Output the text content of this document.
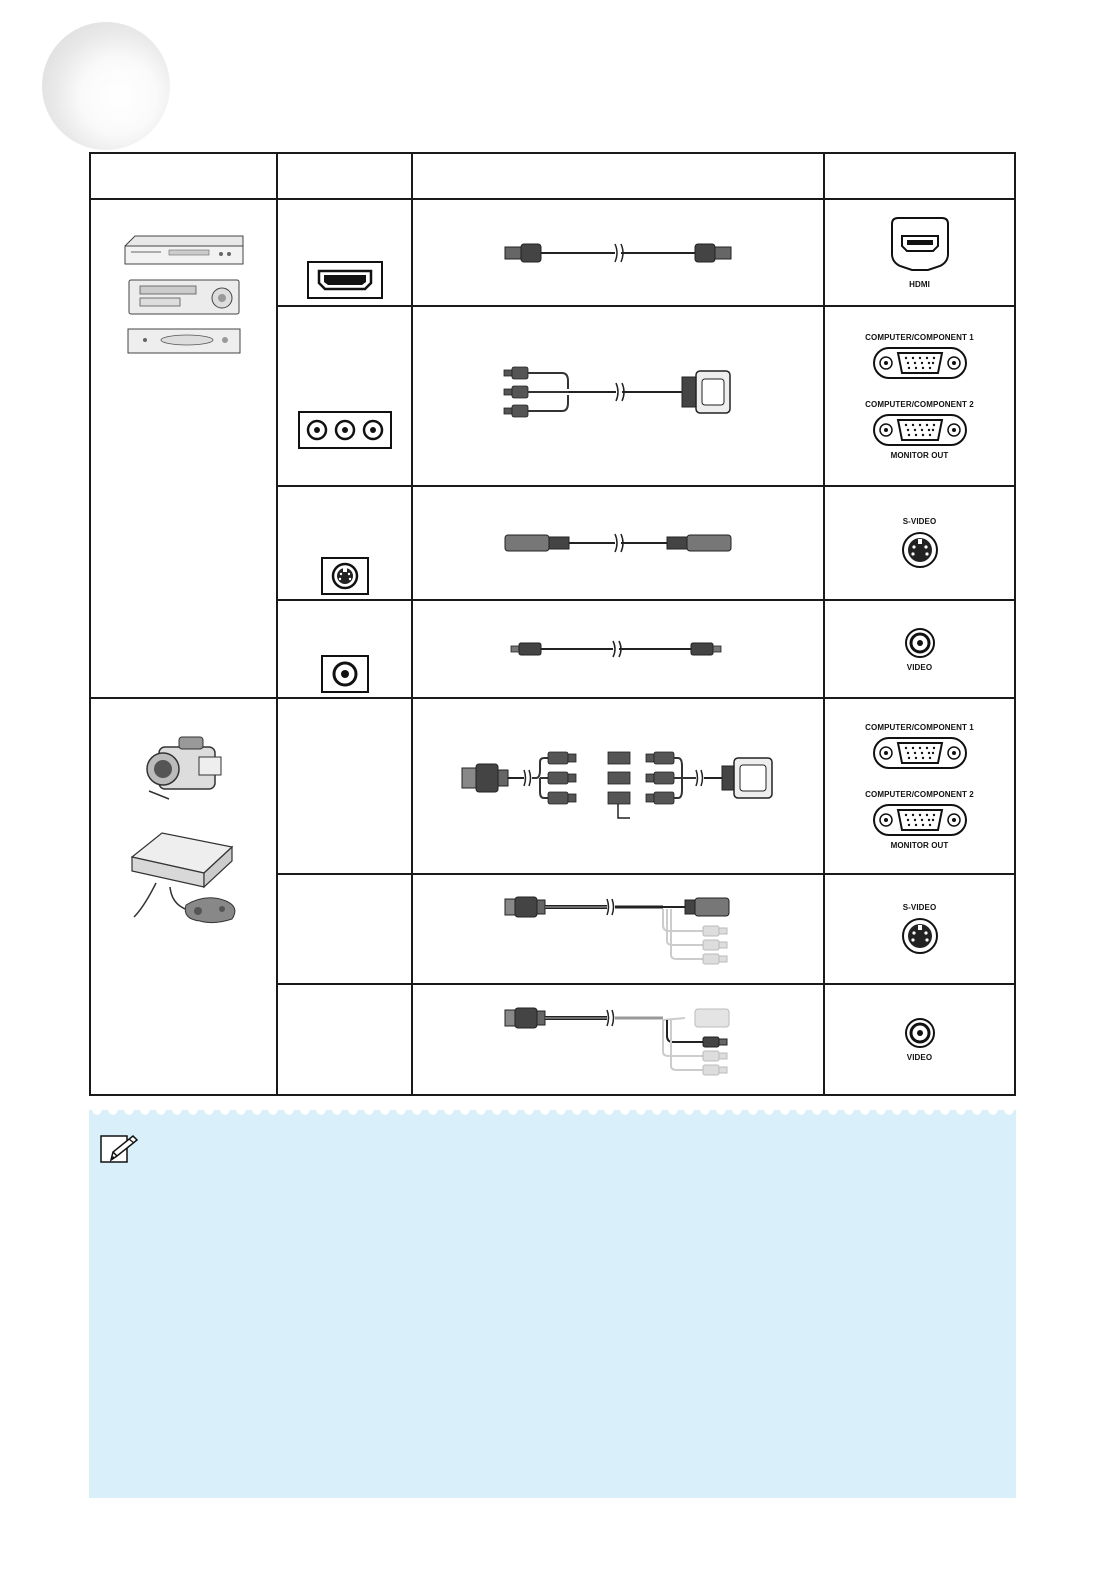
HDMI

COMPUTER/COMPONENT 1
COMPUTER/COMPONENT 2
MONITOR OUT

S-VIDEO

VIDEO

COMPUTER/COMPONENT 1
COMPUTER/COMPONENT 2
MONITOR OUT

S-VIDEO

VIDEO
